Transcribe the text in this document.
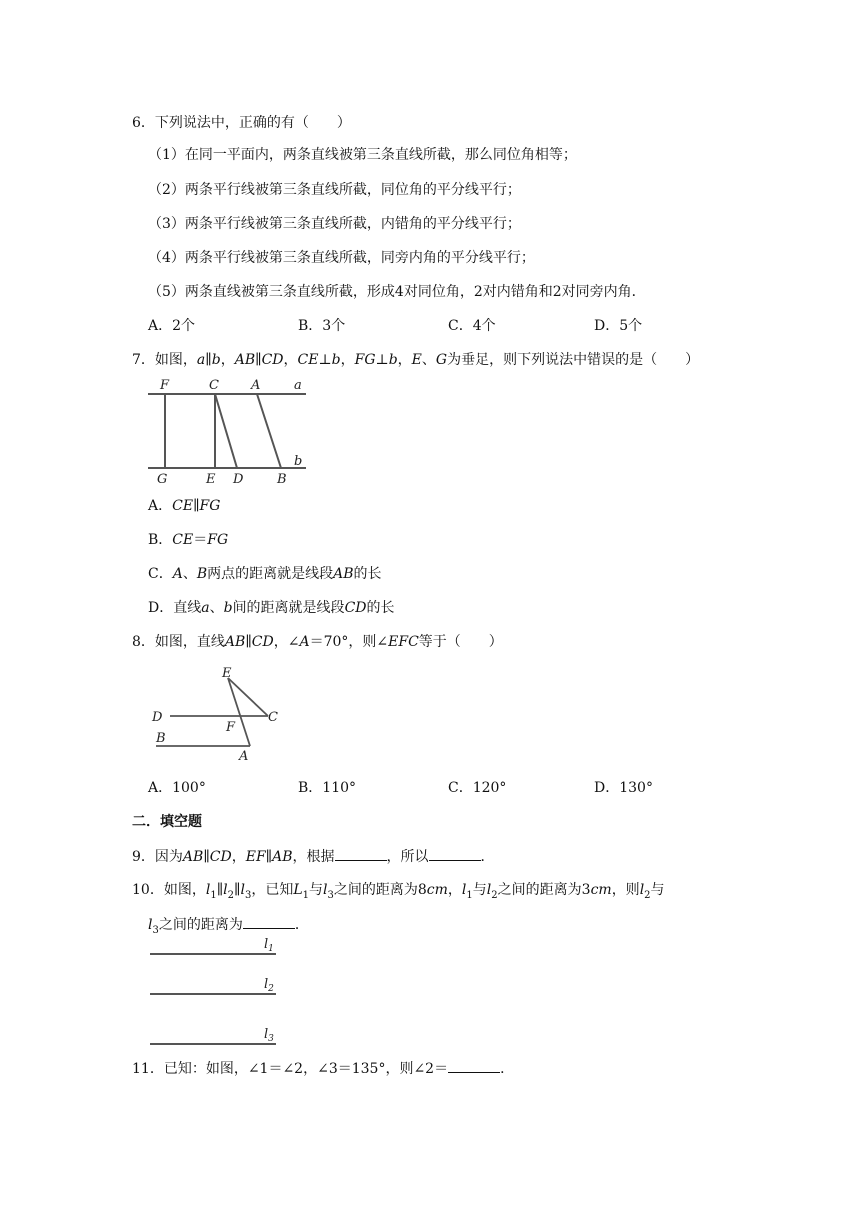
6．下列说法中，正确的有（　　）
（1）在同一平面内，两条直线被第三条直线所截，那么同位角相等；
（2）两条平行线被第三条直线所截，同位角的平分线平行；
（3）两条平行线被第三条直线所截，内错角的平分线平行；
（4）两条平行线被第三条直线所截，同旁内角的平分线平行；
（5）两条直线被第三条直线所截，形成4对同位角，2对内错角和2对同旁内角．
A．2个	B．3个	C．4个	D．5个
7．如图，a∥b，AB∥CD，CE⊥b，FG⊥b，E、G为垂足，则下列说法中错误的是（　　）
F	C A	a
G	E D	B
b
A．CE∥FG
B．CE＝FG
C．A、B两点的距离就是线段AB的长
D．直线a、b间的距离就是线段CD的长
8．如图，直线AB∥CD，∠A＝70°，则∠EFC等于（　　）
E
D
F
C
B
A
A．100°	B．110°	C．120°	D．130°
二．填空题
9．因为AB∥CD，EF∥AB，根据	，所以	．
10．如图，$l_1\parallel l_2\parallel l_3$，已知$L_1$与$l_3$之间的距离为8cm，$l_1$与$l_2$之间的距离为3cm，则$l_2$与
$l_3$之间的距离为	．
$l_1$
$l_2$
$l_3$
11．已知：如图，∠1＝∠2，∠3＝135°，则∠2＝	．
